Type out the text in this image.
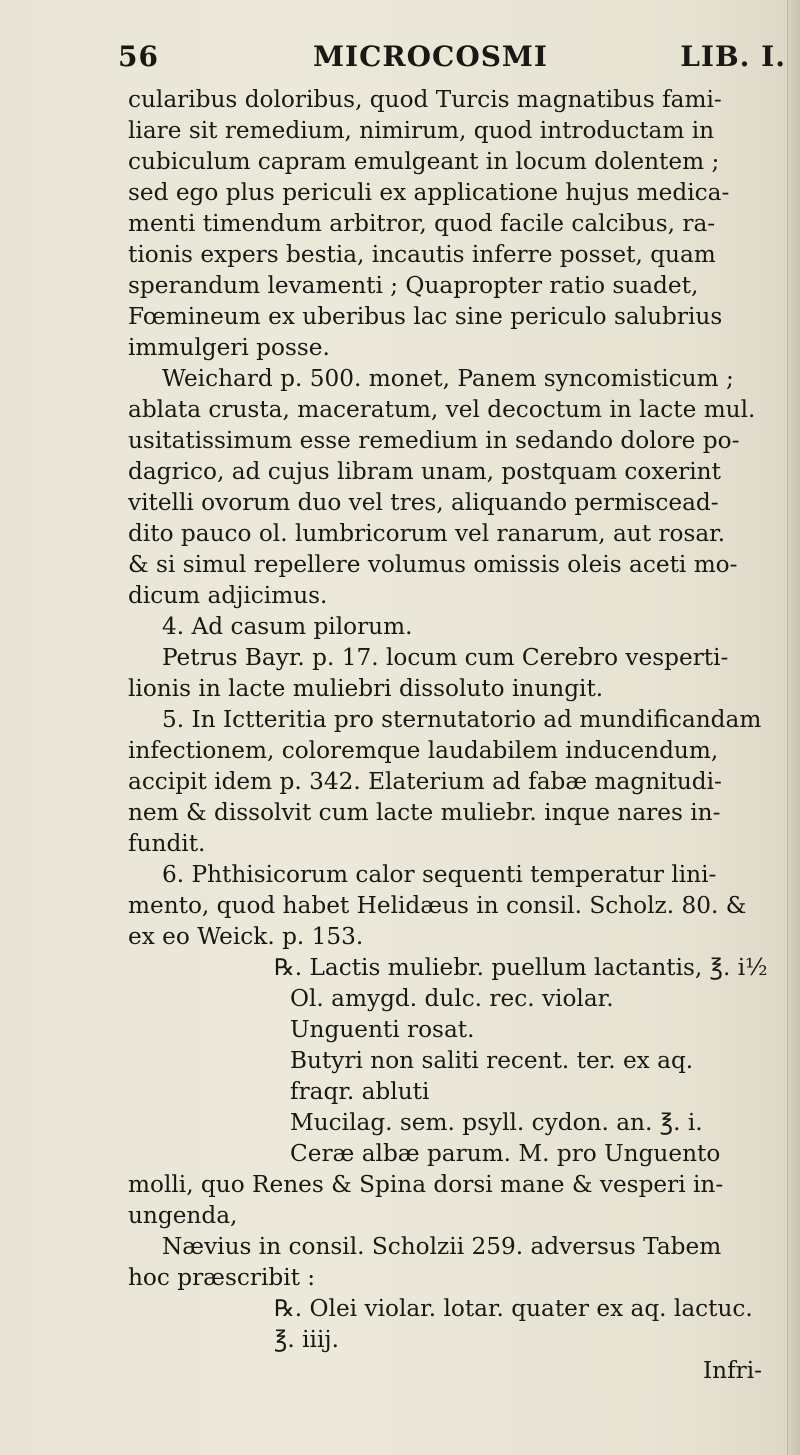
56	MICROCOSMI	LIB. I.
cularibus doloribus, quod Turcis magnatibus fami-
liare sit remedium, nimirum, quod introductam in
cubiculum capram emulgeant in locum dolentem ;
sed ego plus periculi ex applicatione hujus medica-
menti timendum arbitror, quod facile calcibus, ra-
tionis expers bestia, incautis inferre posset, quam
sperandum levamenti ; Quapropter ratio suadet,
Fœmineum ex uberibus lac sine periculo salubrius
immulgeri posse.
Weichard p. 500. monet, Panem syncomisticum ;
ablata crusta, maceratum, vel decoctum in lacte mul.
usitatissimum esse remedium in sedando dolore po-
dagrico, ad cujus libram unam, postquam coxerint
vitelli ovorum duo vel tres, aliquando permiscead-
dito pauco ol. lumbricorum vel ranarum, aut rosar.
& si simul repellere volumus omissis oleis aceti mo-
dicum adjicimus.
4. Ad casum pilorum.
Petrus Bayr. p. 17. locum cum Cerebro vesperti-
lionis in lacte muliebri dissoluto inungit.
5. In Ictteritia pro sternutatorio ad mundificandam
infectionem, coloremque laudabilem inducendum,
accipit idem p. 342. Elaterium ad fabæ magnitudi-
nem & dissolvit cum lacte muliebr. inque nares in-
fundit.
6. Phthisicorum calor sequenti temperatur lini-
mento, quod habet Helidæus in consil. Scholz. 80. &
ex eo Weick. p. 153.
℞. Lactis muliebr. puellum lactantis, ℥. i½
Ol. amygd. dulc. rec. violar.
Unguenti rosat.
Butyri non saliti recent. ter. ex aq.
fraqr. abluti
Mucilag. sem. psyll. cydon. an. ℥. i.
Ceræ albæ parum. M. pro Unguento
molli, quo Renes & Spina dorsi mane & vesperi in-
ungenda,
Nævius in consil. Scholzii 259. adversus Tabem
hoc præscribit :
℞. Olei violar. lotar. quater ex aq. lactuc.
℥. iiij.
Infri-
